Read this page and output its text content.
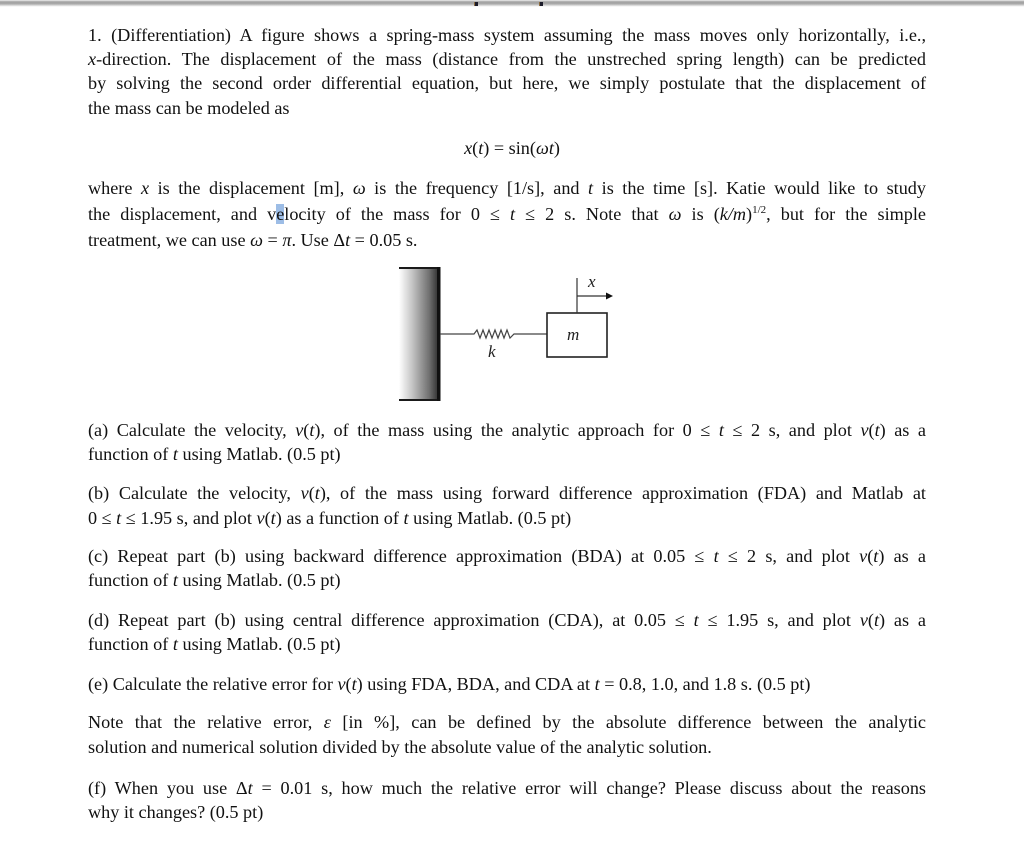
1. (Differentiation) A figure shows a spring-mass system assuming the mass moves only horizontally, i.e.,
x-direction. The displacement of the mass (distance from the unstreched spring length) can be predicted
by solving the second order differential equation, but here, we simply postulate that the displacement of
the mass can be modeled as
x(t) = sin(ωt)
where x is the displacement [m], ω is the frequency [1/s], and t is the time [s]. Katie would like to study
the displacement, and velocity of the mass for 0 ≤ t ≤ 2 s. Note that ω is $(k/m)^{1/2}$, but for the simple
treatment, we can use ω = π. Use Δt = 0.05 s.
x
m
k
(a) Calculate the velocity, v(t), of the mass using the analytic approach for 0 ≤ t ≤ 2 s, and plot v(t) as a
function of t using Matlab. (0.5 pt)
(b) Calculate the velocity, v(t), of the mass using forward difference approximation (FDA) and Matlab at
0 ≤ t ≤ 1.95 s, and plot v(t) as a function of t using Matlab. (0.5 pt)
(c) Repeat part (b) using backward difference approximation (BDA) at 0.05 ≤ t ≤ 2 s, and plot v(t) as a
function of t using Matlab. (0.5 pt)
(d) Repeat part (b) using central difference approximation (CDA), at 0.05 ≤ t ≤ 1.95 s, and plot v(t) as a
function of t using Matlab. (0.5 pt)
(e) Calculate the relative error for v(t) using FDA, BDA, and CDA at t = 0.8, 1.0, and 1.8 s. (0.5 pt)
Note that the relative error, ε [in %], can be defined by the absolute difference between the analytic
solution and numerical solution divided by the absolute value of the analytic solution.
(f) When you use Δt = 0.01 s, how much the relative error will change? Please discuss about the reasons
why it changes? (0.5 pt)
